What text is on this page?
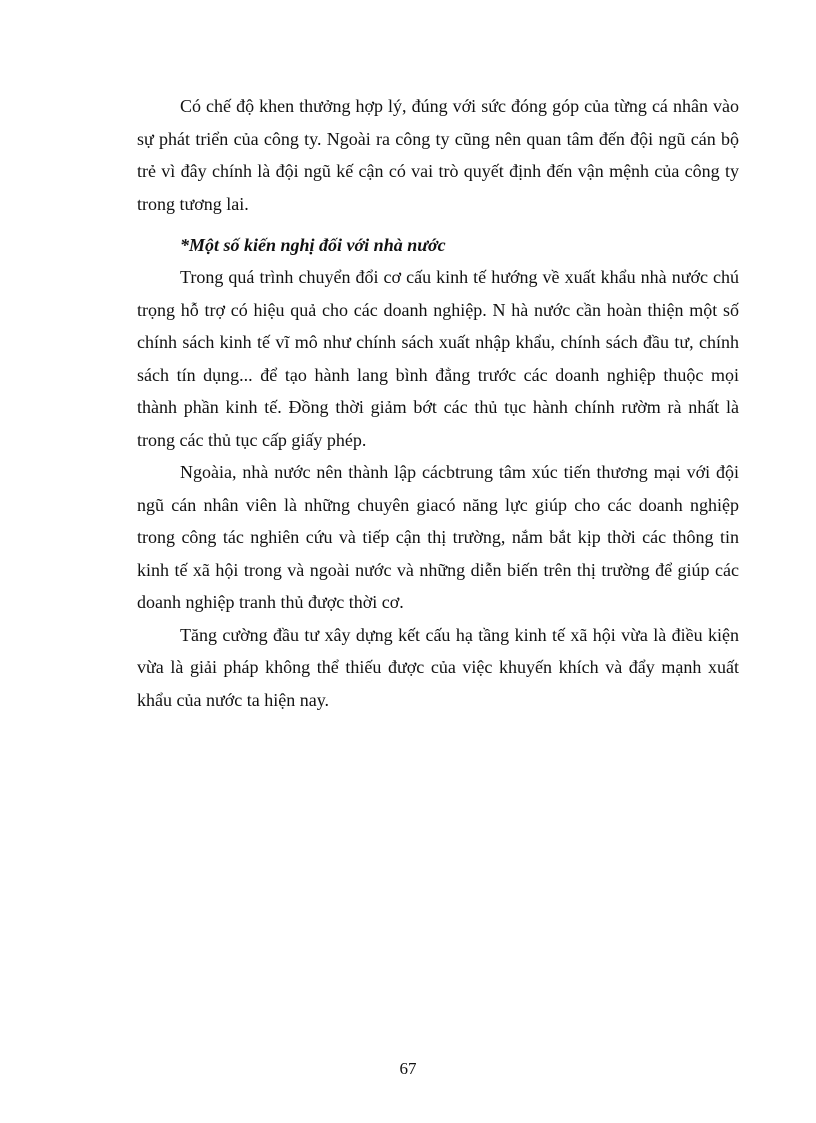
Có chế độ khen thưởng hợp lý, đúng với sức đóng góp của từng cá nhân vào sự phát triển của công ty. Ngoài ra công ty cũng nên quan tâm đến đội ngũ cán bộ trẻ vì đây chính là đội ngũ kế cận có vai trò quyết định đến vận mệnh của công ty trong tương lai.

*Một số kiến nghị đối với nhà nước

Trong quá trình chuyển đổi cơ cấu kinh tế hướng về xuất khẩu nhà nước chú trọng hỗ trợ có hiệu quả cho các doanh nghiệp. N hà nước cần hoàn thiện một số chính sách kinh tế vĩ mô như chính sách xuất nhập khẩu, chính sách đầu tư, chính sách tín dụng... để tạo hành lang bình đẳng trước các doanh nghiệp thuộc mọi thành phần kinh tế. Đồng thời giảm bớt các thủ tục hành chính rườm rà nhất là trong các thủ tục cấp giấy phép.

Ngoàia, nhà nước nên thành lập cácbtrung tâm xúc tiến thương mại với đội ngũ cán nhân viên là những chuyên giacó năng lực giúp cho các doanh nghiệp trong công tác nghiên cứu và tiếp cận thị trường, nắm bắt kịp thời các thông tin kinh tế xã hội trong và ngoài nước và những diễn biến trên thị trường để giúp các doanh nghiệp tranh thủ được thời cơ.

Tăng cường đầu tư xây dựng kết cấu hạ tầng kinh tế xã hội vừa là điều kiện vừa là giải pháp không thể thiếu được của việc khuyến khích và đẩy mạnh xuất khẩu của nước ta hiện nay.

67
